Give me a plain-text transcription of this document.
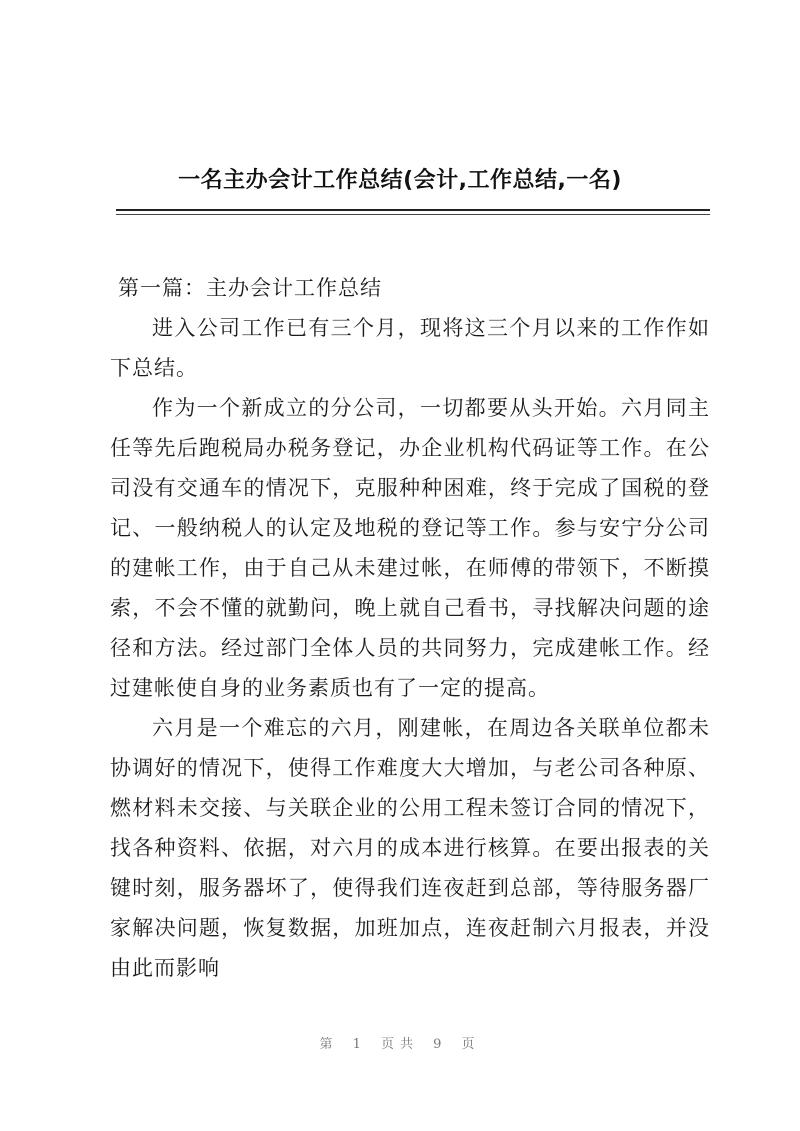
一名主办会计工作总结(会计,工作总结,一名)

第一篇：主办会计工作总结

进入公司工作已有三个月，现将这三个月以来的工作作如下总结。

作为一个新成立的分公司，一切都要从头开始。六月同主任等先后跑税局办税务登记，办企业机构代码证等工作。在公司没有交通车的情况下，克服种种困难，终于完成了国税的登记、一般纳税人的认定及地税的登记等工作。参与安宁分公司的建帐工作，由于自己从未建过帐，在师傅的带领下，不断摸索，不会不懂的就勤问，晚上就自己看书，寻找解决问题的途径和方法。经过部门全体人员的共同努力，完成建帐工作。经过建帐使自身的业务素质也有了一定的提高。

六月是一个难忘的六月，刚建帐，在周边各关联单位都未协调好的情况下，使得工作难度大大增加，与老公司各种原、燃材料未交接、与关联企业的公用工程未签订合同的情况下，找各种资料、依据，对六月的成本进行核算。在要出报表的关键时刻，服务器坏了，使得我们连夜赶到总部，等待服务器厂家解决问题，恢复数据，加班加点，连夜赶制六月报表，并没由此而影响

第 1 页共 9 页
